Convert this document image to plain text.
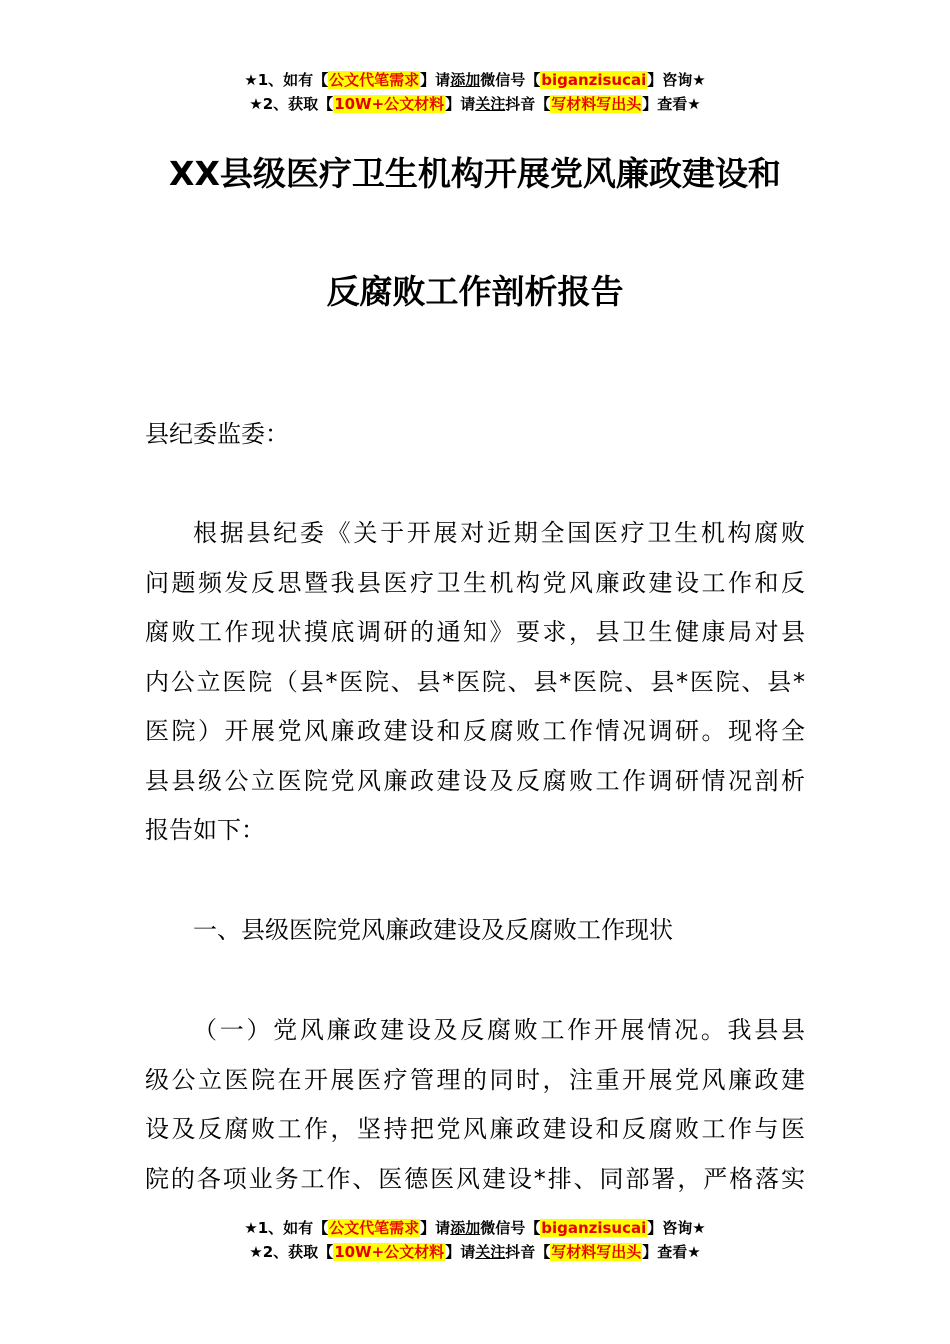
★1、如有【公文代笔需求】请添加微信号【biganzisucai】咨询★
★2、获取【10W+公文材料】请关注抖音【写材料写出头】查看★
XX县级医疗卫生机构开展党风廉政建设和
反腐败工作剖析报告
县纪委监委：
根据县纪委《关于开展对近期全国医疗卫生机构腐败
问题频发反思暨我县医疗卫生机构党风廉政建设工作和反
腐败工作现状摸底调研的通知》要求，县卫生健康局对县
内公立医院（县*医院、县*医院、县*医院、县*医院、县*
医院）开展党风廉政建设和反腐败工作情况调研。现将全
县县级公立医院党风廉政建设及反腐败工作调研情况剖析
报告如下：
一、县级医院党风廉政建设及反腐败工作现状
（一）党风廉政建设及反腐败工作开展情况。我县县
级公立医院在开展医疗管理的同时，注重开展党风廉政建
设及反腐败工作，坚持把党风廉政建设和反腐败工作与医
院的各项业务工作、医德医风建设*排、同部署，严格落实
★1、如有【公文代笔需求】请添加微信号【biganzisucai】咨询★
★2、获取【10W+公文材料】请关注抖音【写材料写出头】查看★
